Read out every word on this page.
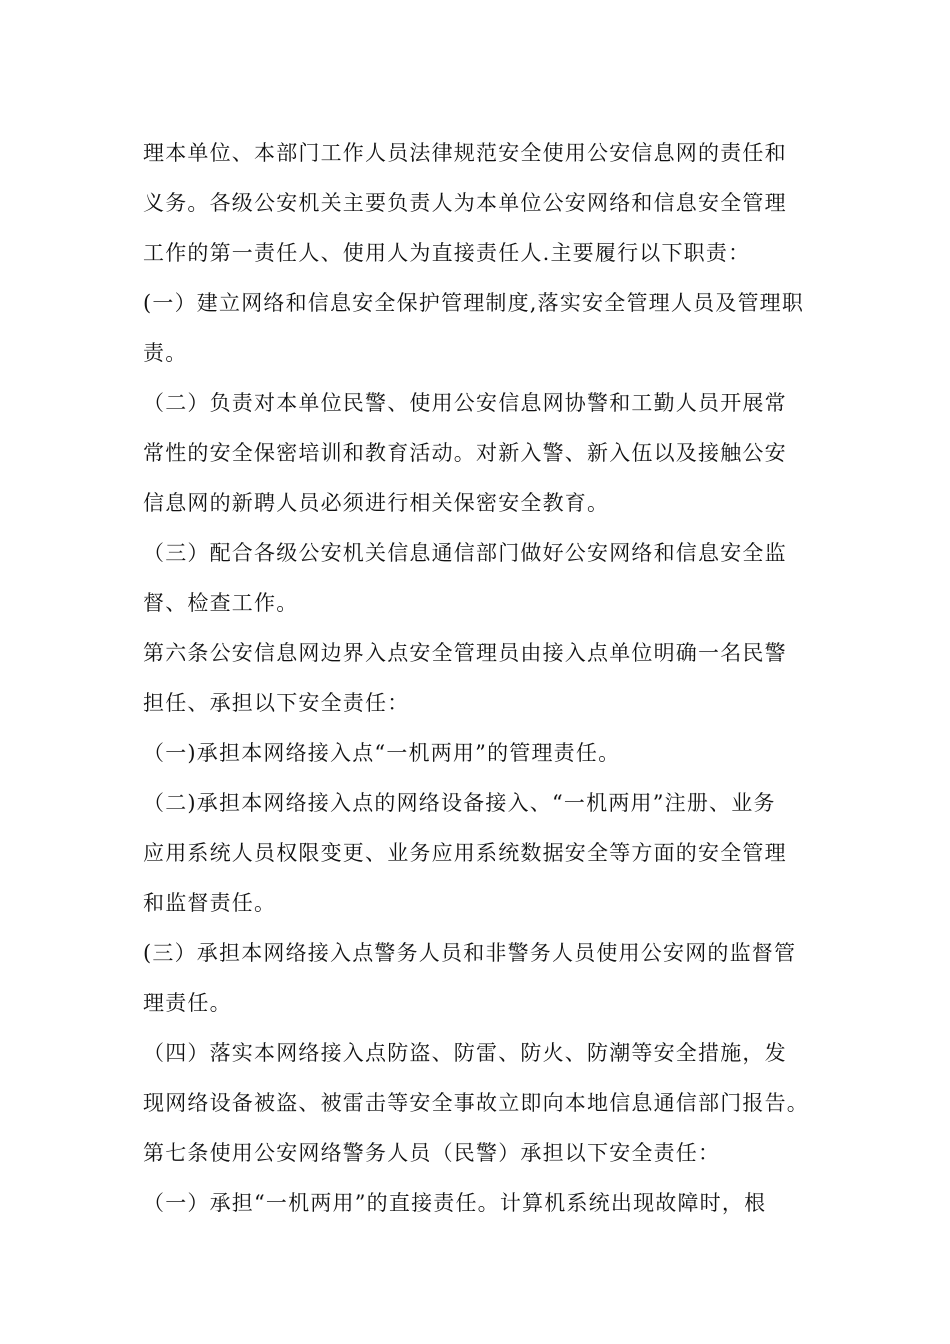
理本单位、本部门工作人员法律规范安全使用公安信息网的责任和
义务。各级公安机关主要负责人为本单位公安网络和信息安全管理
工作的第一责任人、使用人为直接责任人.主要履行以下职责：
(一）建立网络和信息安全保护管理制度,落实安全管理人员及管理职
责。
（二）负责对本单位民警、使用公安信息网协警和工勤人员开展常
常性的安全保密培训和教育活动。对新入警、新入伍以及接触公安
信息网的新聘人员必须进行相关保密安全教育。
（三）配合各级公安机关信息通信部门做好公安网络和信息安全监
督、检查工作。
第六条公安信息网边界入点安全管理员由接入点单位明确一名民警
担任、承担以下安全责任：
（一)承担本网络接入点“一机两用”的管理责任。
（二)承担本网络接入点的网络设备接入、“一机两用”注册、业务
应用系统人员权限变更、业务应用系统数据安全等方面的安全管理
和监督责任。
(三）承担本网络接入点警务人员和非警务人员使用公安网的监督管
理责任。
（四）落实本网络接入点防盗、防雷、防火、防潮等安全措施，发
现网络设备被盗、被雷击等安全事故立即向本地信息通信部门报告。
第七条使用公安网络警务人员（民警）承担以下安全责任：
（一）承担“一机两用”的直接责任。计算机系统出现故障时，根
